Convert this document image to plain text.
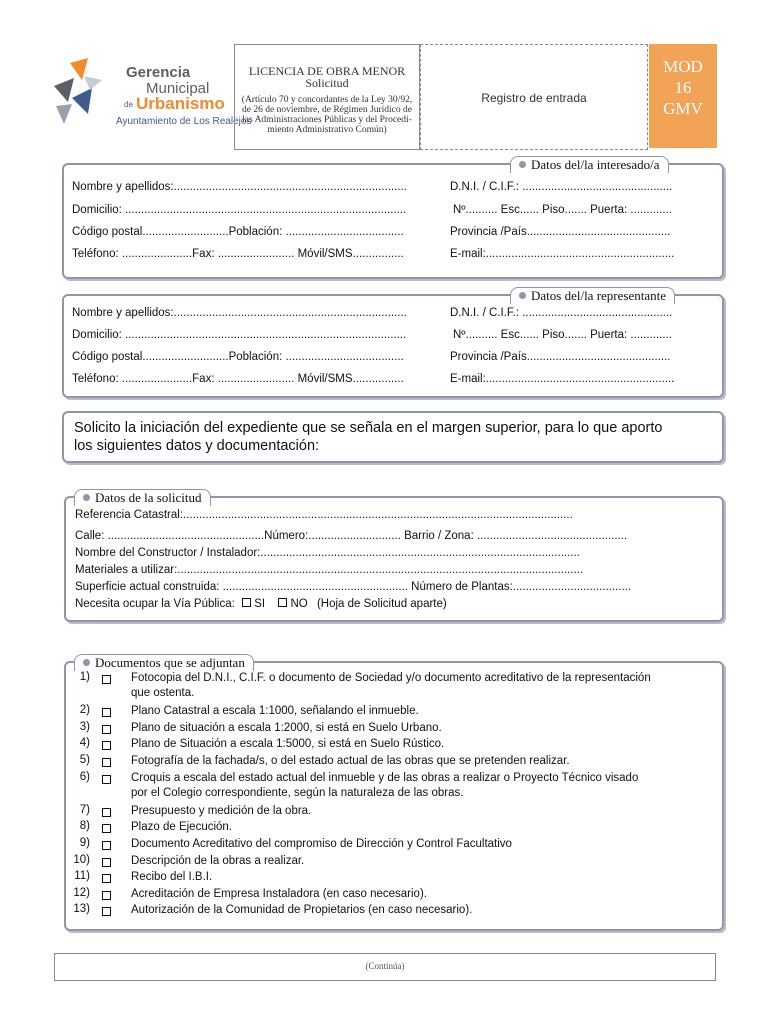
Gerencia
Municipal
de Urbanismo
Ayuntamiento de Los Realejos
LICENCIA DE OBRA MENOR
Solicitud
(Artículo 70 y concordantes de la Ley 30/92,
de 26 de noviembre, de Régimen Jurídico de
las Administraciones Públicas y del Procedi-
miento Administrativo Común)
Registro de entrada
MOD
16
GMV
Datos del/la interesado/a
Nombre y apellidos:.........................................................................	D.N.I. / C.I.F.: ...............................................
Domicilio: ........................................................................................	Nº.......... Esc...... Piso....... Puerta: .............
Código postal...........................Población: .....................................	Provincia /País.............................................
Teléfono: ......................Fax: ........................ Móvil/SMS................	E-mail:...........................................................
Datos del/la representante
Nombre y apellidos:.........................................................................	D.N.I. / C.I.F.: ...............................................
Domicilio: ........................................................................................	Nº.......... Esc...... Piso....... Puerta: .............
Código postal...........................Población: .....................................	Provincia /País.............................................
Teléfono: ......................Fax: ........................ Móvil/SMS................	E-mail:...........................................................
Solicito la iniciación del expediente que se señala en el margen superior, para lo que aporto
los siguientes datos y documentación:
Datos de la solicitud
Referencia Catastral:..........................................................................................................................
Calle: .................................................Número:............................. Barrio / Zona: ...............................................
Nombre del Constructor / Instalador:....................................................................................................
Materiales a utilizar:...............................................................................................................................
Superficie actual construida: .......................................................... Número de Plantas:.....................................
Necesita ocupar la Vía Pública: SI NO (Hoja de Solicitud aparte)
Documentos que se adjuntan
1)	Fotocopia del D.N.I., C.I.F. o documento de Sociedad y/o documento acreditativo de la representación
que ostenta.
2)	Plano Catastral a escala 1:1000, señalando el inmueble.
3)	Plano de situación a escala 1:2000, si está en Suelo Urbano.
4)	Plano de Situación a escala 1:5000, si está en Suelo Rústico.
5)	Fotografía de la fachada/s, o del estado actual de las obras que se pretenden realizar.
6)	Croquis a escala del estado actual del inmueble y de las obras a realizar o Proyecto Técnico visado
por el Colegio correspondiente, según la naturaleza de las obras.
7)	Presupuesto y medición de la obra.
8)	Plazo de Ejecución.
9)	Documento Acreditativo del compromiso de Dirección y Control Facultativo
10)	Descripción de la obras a realizar.
11)	Recibo del I.B.I.
12)	Acreditación de Empresa Instaladora (en caso necesario).
13)	Autorización de la Comunidad de Propietarios (en caso necesario).
(Continúa)
